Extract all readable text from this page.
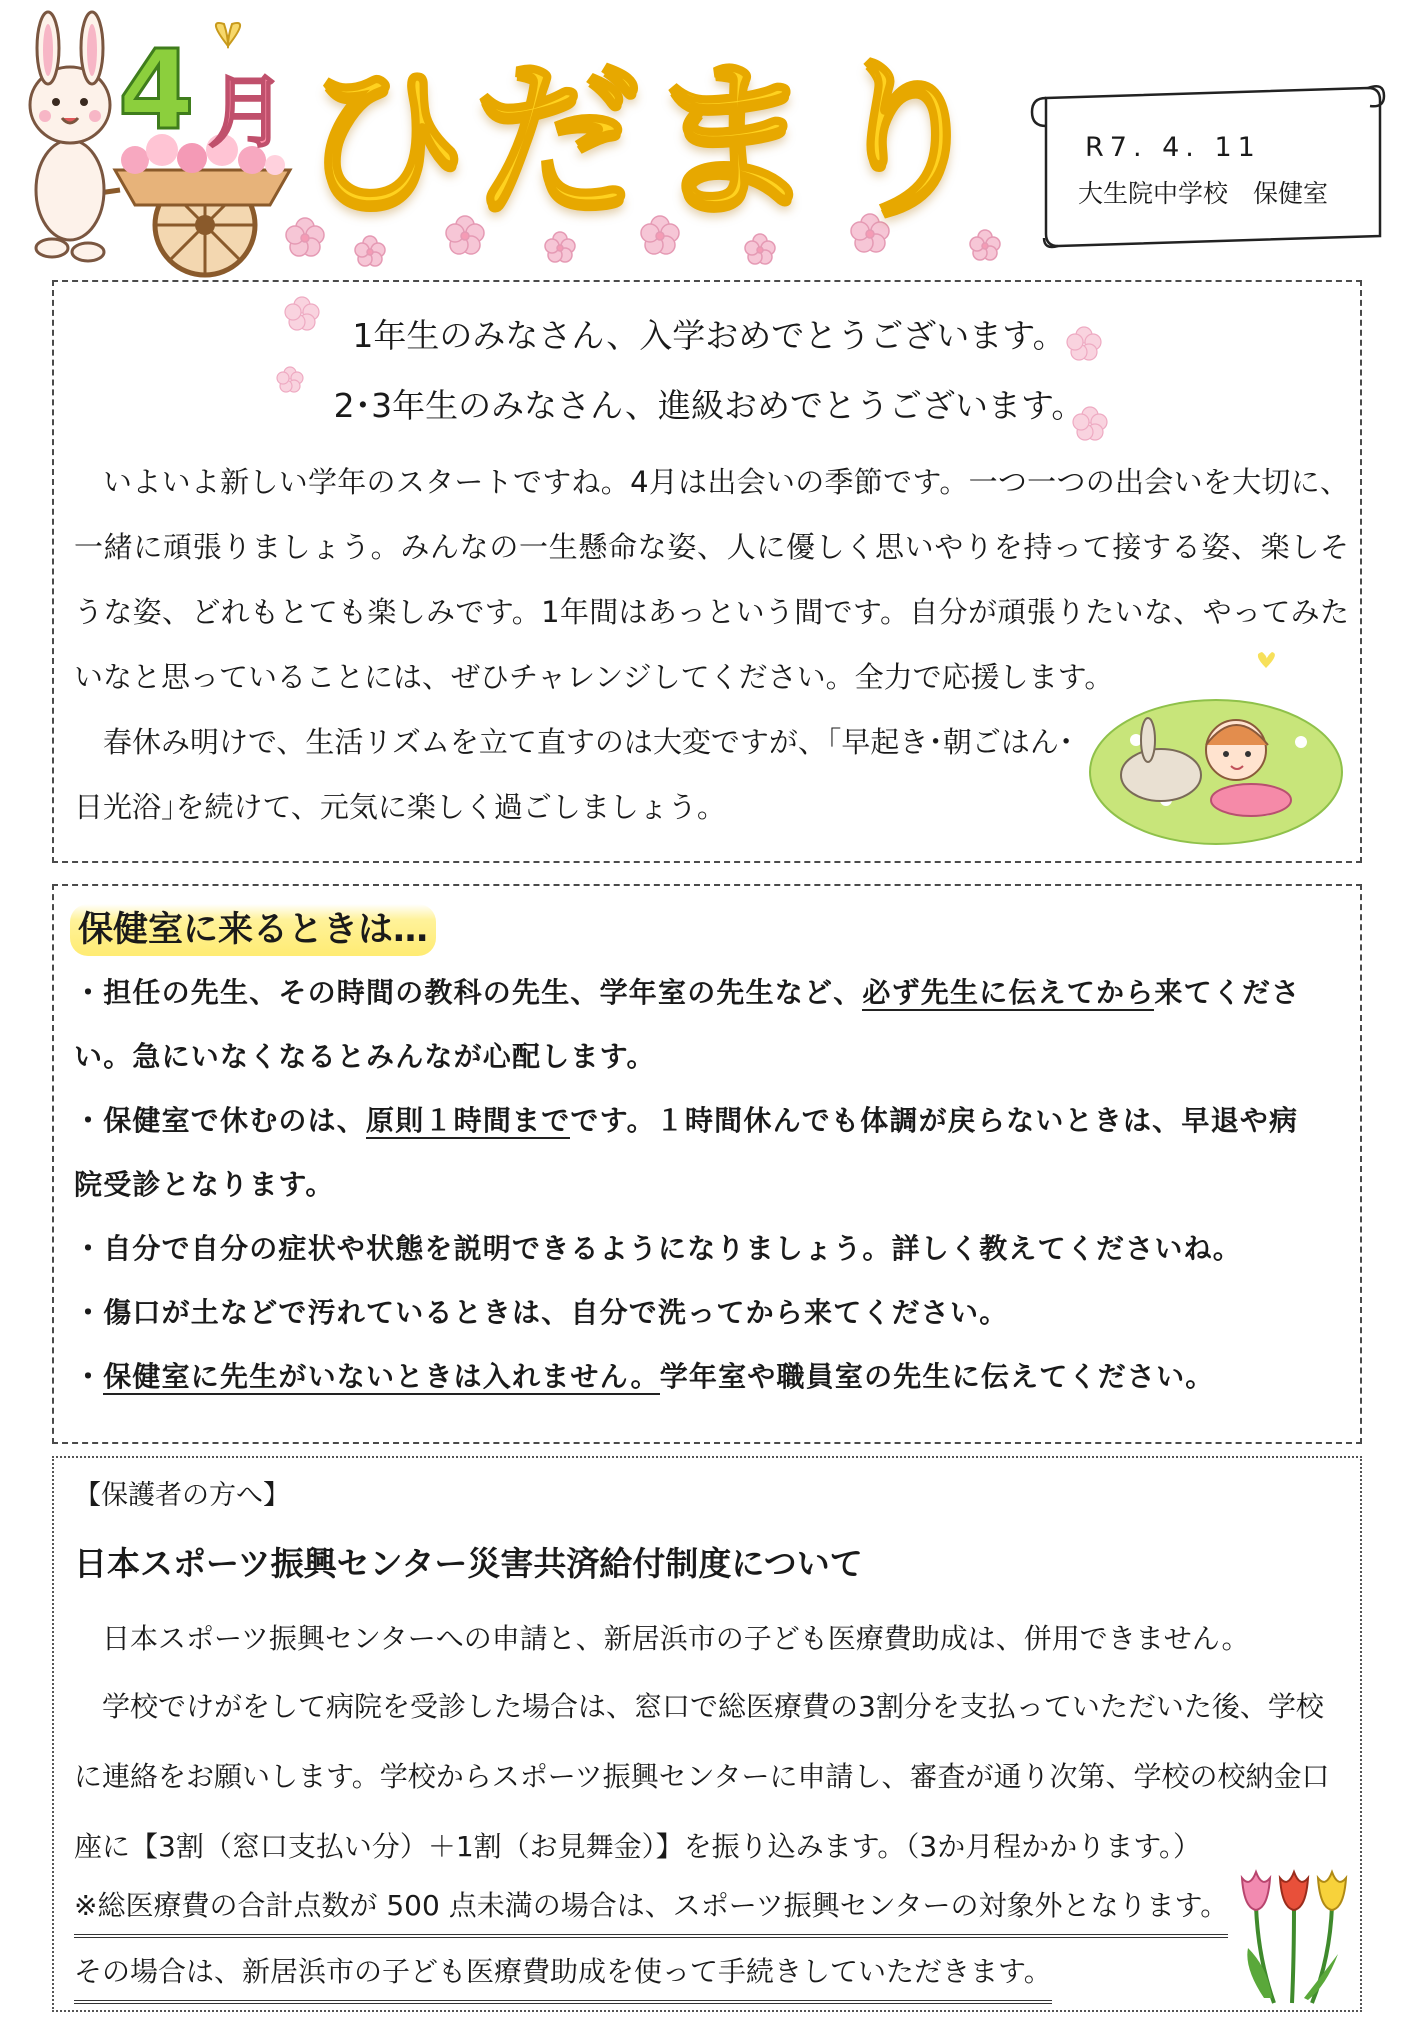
4 月 ひだまり	R7. 4. 11
大生院中学校　保健室
1年生のみなさん、入学おめでとうございます。
2･3年生のみなさん、進級おめでとうございます。
いよいよ新しい学年のスタートですね。4月は出会いの季節です。一つ一つの出会いを大切に、一緒に頑張りましょう。みんなの一生懸命な姿、人に優しく思いやりを持って接する姿、楽しそうな姿、どれもとても楽しみです。1年間はあっという間です。自分が頑張りたいな、やってみたいなと思っていることには、ぜひチャレンジしてください。全力で応援します。
春休み明けで、生活リズムを立て直すのは大変ですが、｢早起き･朝ごはん･
日光浴｣を続けて、元気に楽しく過ごしましょう。
保健室に来るときは…
・担任の先生、その時間の教科の先生、学年室の先生など、必ず先生に伝えてから来てくださ
い。急にいなくなるとみんなが心配します。
・保健室で休むのは、原則１時間までです。１時間休んでも体調が戻らないときは、早退や病
院受診となります。
・自分で自分の症状や状態を説明できるようになりましょう。詳しく教えてくださいね。
・傷口が土などで汚れているときは、自分で洗ってから来てください。
・保健室に先生がいないときは入れません。学年室や職員室の先生に伝えてください。
【保護者の方へ】
日本スポーツ振興センター災害共済給付制度について
日本スポーツ振興センターへの申請と、新居浜市の子ども医療費助成は、併用できません。
学校でけがをして病院を受診した場合は、窓口で総医療費の3割分を支払っていただいた後、学校に連絡をお願いします。学校からスポーツ振興センターに申請し、審査が通り次第、学校の校納金口座に【3割（窓口支払い分）＋1割（お見舞金）】を振り込みます。（3か月程かかります。）
※総医療費の合計点数が 500 点未満の場合は、スポーツ振興センターの対象外となります。
その場合は、新居浜市の子ども医療費助成を使って手続きしていただきます。
